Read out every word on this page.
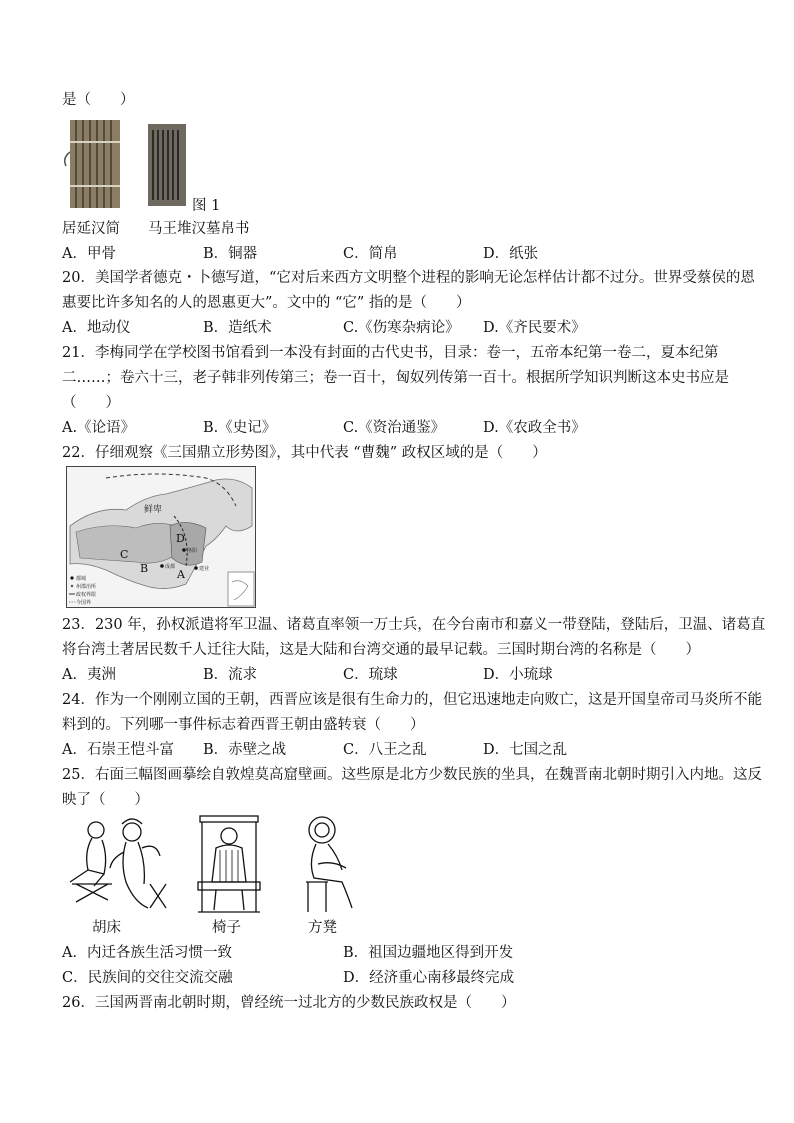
是（　　）
图 1
居延汉简 马王堆汉墓帛书
A．甲骨	B．铜器	C．简帛	D．纸张
20．美国学者德克・卜德写道，“它对后来西方文明整个进程的影响无论怎样估计都不过分。世界受蔡侯的恩
惠要比许多知名的人的恩惠更大”。文中的 “它” 指的是（　　）
A．地动仪	B．造纸术	C.《伤寒杂病论》 D.《齐民要术》
21．李梅同学在学校图书馆看到一本没有封面的古代史书，目录：卷一，五帝本纪第一卷二，夏本纪第
二……；卷六十三，老子韩非列传第三；卷一百十，匈奴列传第一百十。根据所学知识判断这本史书应是
（　　）
A.《论语》	B.《史记》	C.《资治通鉴》	D.《农政全书》
22．仔细观察《三国鼎立形势图》，其中代表 “曹魏” 政权区域的是（　　）
鲜卑
C
B	A
D
洛阳
成都	建业
都城
州郡治所
政权界限
今国界
23．230 年，孙权派遣将军卫温、诸葛直率领一万士兵，在今台南市和嘉义一带登陆，登陆后，卫温、诸葛直
将台湾土著居民数千人迁往大陆，这是大陆和台湾交通的最早记载。三国时期台湾的名称是（　　）
A．夷洲	B．流求	C．琉球	D．小琉球
24．作为一个刚刚立国的王朝，西晋应该是很有生命力的，但它迅速地走向败亡，这是开国皇帝司马炎所不能
料到的。下列哪一事件标志着西晋王朝由盛转衰（　　）
A．石崇王恺斗富 B．赤壁之战	C．八王之乱	D．七国之乱
25．右面三幅图画摹绘自敦煌莫高窟壁画。这些原是北方少数民族的坐具，在魏晋南北朝时期引入内地。这反
映了（　　）
胡床	椅子	方凳
A．内迁各族生活习惯一致	B．祖国边疆地区得到开发
C．民族间的交往交流交融	D．经济重心南移最终完成
26．三国两晋南北朝时期，曾经统一过北方的少数民族政权是（　　）
